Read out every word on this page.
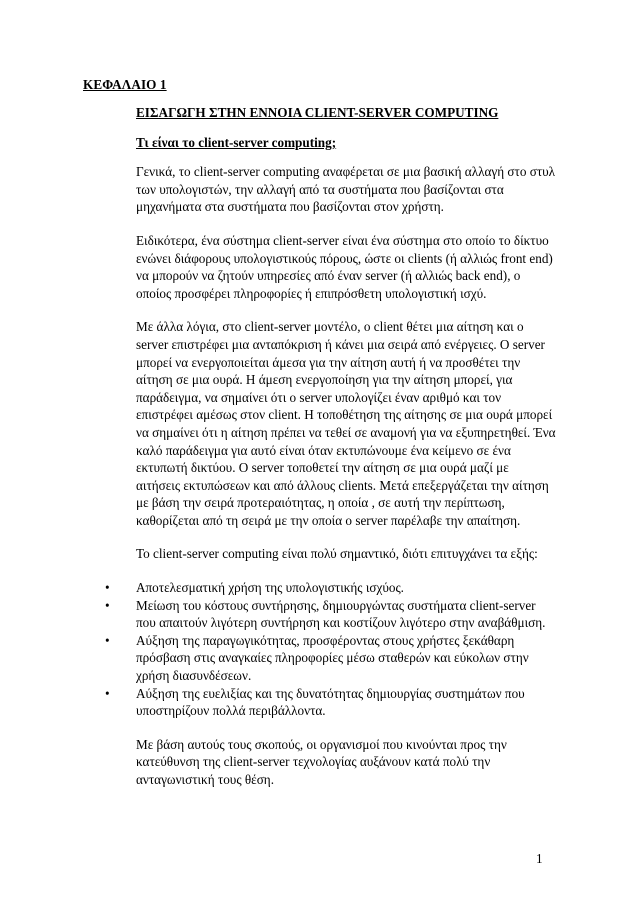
ΚΕΦΑΛΑΙΟ 1
ΕΙΣΑΓΩΓΗ ΣΤΗΝ ΕΝΝΟΙΑ CLIENT-SERVER COMPUTING
Τι είναι το client-server computing;

Γενικά, το client-server computing αναφέρεται σε μια βασική αλλαγή στο στυλ των υπολογιστών, την αλλαγή από τα συστήματα που βασίζονται στα μηχανήματα στα συστήματα που βασίζονται στον χρήστη.

Ειδικότερα, ένα σύστημα client-server είναι ένα σύστημα στο οποίο το δίκτυο ενώνει διάφορους υπολογιστικούς πόρους, ώστε οι clients (ή αλλιώς front end) να μπορούν να ζητούν υπηρεσίες από έναν server (ή αλλιώς back end), ο οποίος προσφέρει πληροφορίες ή επιπρόσθετη υπολογιστική ισχύ.

Με άλλα λόγια, στο client-server μοντέλο, ο client θέτει μια αίτηση και ο server επιστρέφει μια ανταπόκριση ή κάνει μια σειρά από ενέργειες. Ο server μπορεί να ενεργοποιείται άμεσα για την αίτηση αυτή ή να προσθέτει την αίτηση σε μια ουρά. Η άμεση ενεργοποίηση για την αίτηση μπορεί, για παράδειγμα, να σημαίνει ότι ο server υπολογίζει έναν αριθμό και τον επιστρέφει αμέσως στον client. Η τοποθέτηση της αίτησης σε μια ουρά μπορεί να σημαίνει ότι η αίτηση πρέπει να τεθεί σε αναμονή για να εξυπηρετηθεί. Ένα καλό παράδειγμα για αυτό είναι όταν εκτυπώνουμε ένα κείμενο σε ένα εκτυπωτή δικτύου. Ο server τοποθετεί την αίτηση σε μια ουρά μαζί με αιτήσεις εκτυπώσεων και από άλλους clients. Μετά επεξεργάζεται την αίτηση με βάση την σειρά προτεραιότητας, η οποία , σε αυτή την περίπτωση, καθορίζεται από τη σειρά με την οποία ο server παρέλαβε την απαίτηση.

Το client-server computing είναι πολύ σημαντικό, διότι επιτυγχάνει τα εξής:

•	Αποτελεσματική χρήση της υπολογιστικής ισχύος.
•	Μείωση του κόστους συντήρησης, δημιουργώντας συστήματα client-server που απαιτούν λιγότερη συντήρηση και κοστίζουν λιγότερο στην αναβάθμιση.
•	Αύξηση της παραγωγικότητας, προσφέροντας στους χρήστες ξεκάθαρη πρόσβαση στις αναγκαίες πληροφορίες μέσω σταθερών και εύκολων στην χρήση διασυνδέσεων.
•	Αύξηση της ευελιξίας και της δυνατότητας δημιουργίας συστημάτων που υποστηρίζουν πολλά περιβάλλοντα.

Με βάση αυτούς τους σκοπούς, οι οργανισμοί που κινούνται προς την κατεύθυνση της client-server τεχνολογίας αυξάνουν κατά πολύ την ανταγωνιστική τους θέση.

1
